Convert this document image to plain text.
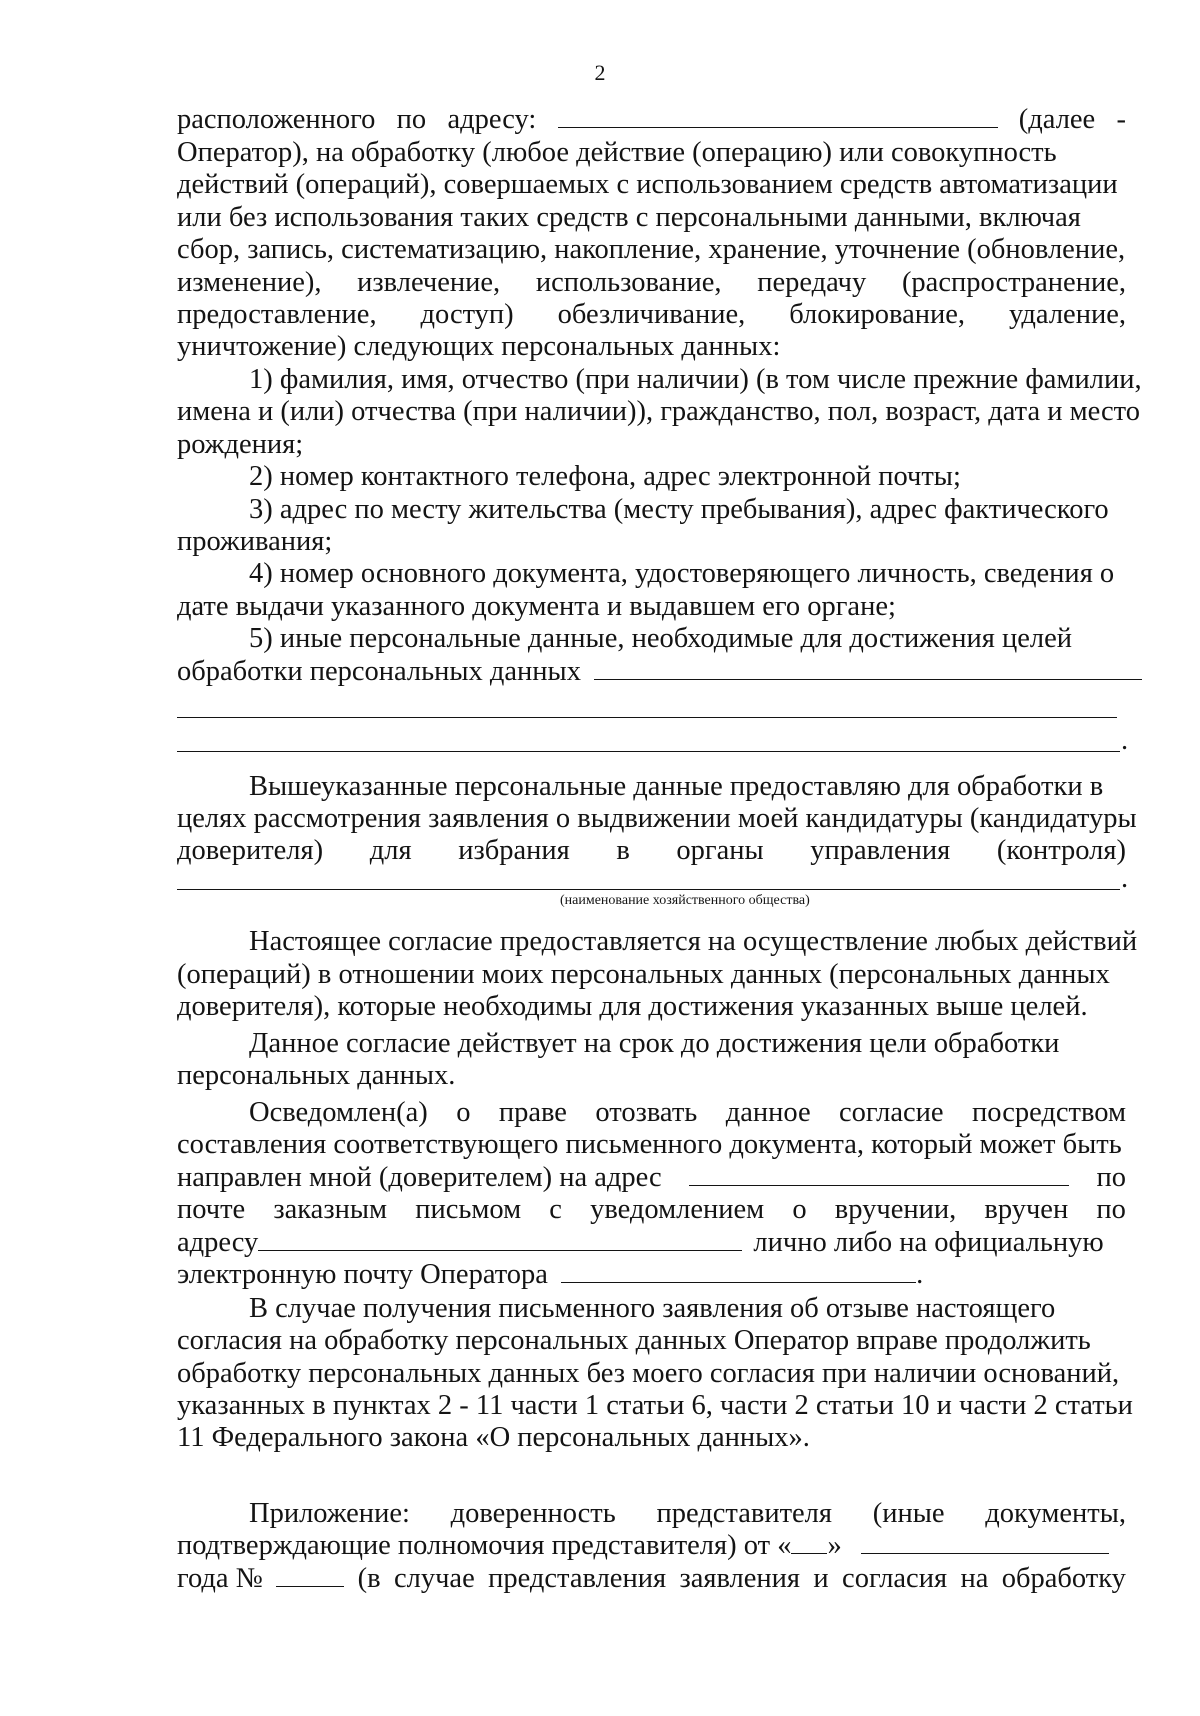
2
расположенного по адресу:	(далее -
Оператор), на обработку (любое действие (операцию) или совокупность
действий (операций), совершаемых с использованием средств автоматизации
или без использования таких средств с персональными данными, включая
сбор, запись, систематизацию, накопление, хранение, уточнение (обновление,
изменение), извлечение, использование, передачу (распространение,
предоставление, доступ) обезличивание, блокирование, удаление,
уничтожение) следующих персональных данных:
1) фамилия, имя, отчество (при наличии) (в том числе прежние фамилии,
имена и (или) отчества (при наличии)), гражданство, пол, возраст, дата и место
рождения;
2) номер контактного телефона, адрес электронной почты;
3) адрес по месту жительства (месту пребывания), адрес фактического
проживания;
4) номер основного документа, удостоверяющего личность, сведения о
дате выдачи указанного документа и выдавшем его органе;
5) иные персональные данные, необходимые для достижения целей
обработки персональных данных
.
Вышеуказанные персональные данные предоставляю для обработки в
целях рассмотрения заявления о выдвижении моей кандидатуры (кандидатуры
доверителя) для избрания в органы управления (контроля)
.
(наименование хозяйственного общества)
Настоящее согласие предоставляется на осуществление любых действий
(операций) в отношении моих персональных данных (персональных данных
доверителя), которые необходимы для достижения указанных выше целей.
Данное согласие действует на срок до достижения цели обработки
персональных данных.
Осведомлен(а) о праве отозвать данное согласие посредством
составления соответствующего письменного документа, который может быть
направлен мной (доверителем) на адрес	по
почте заказным письмом с уведомлением о вручении, вручен по
адресу	лично либо на официальную
электронную почту Оператора	.
В случае получения письменного заявления об отзыве настоящего
согласия на обработку персональных данных Оператор вправе продолжить
обработку персональных данных без моего согласия при наличии оснований,
указанных в пунктах 2 - 11 части 1 статьи 6, части 2 статьи 10 и части 2 статьи
11 Федерального закона «О персональных данных».
Приложение: доверенность представителя (иные документы,
подтверждающие полномочия представителя) от « »
года №	(в случае представления заявления и согласия на обработку
